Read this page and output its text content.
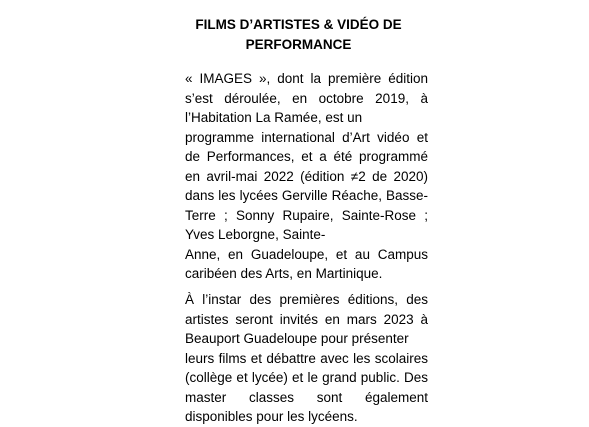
FILMS D’ARTISTES & VIDÉO DE
PERFORMANCE

« IMAGES », dont la première édition
s’est déroulée, en octobre 2019, à
l’Habitation La Ramée, est un
programme international d’Art vidéo et
de Performances, et a été programmé
en avril-mai 2022 (édition ≠2 de 2020)
dans les lycées Gerville Réache, Basse-
Terre ; Sonny Rupaire, Sainte-Rose ;
Yves Leborgne, Sainte-
Anne, en Guadeloupe, et au Campus
caribéen des Arts, en Martinique.

À l’instar des premières éditions, des
artistes seront invités en mars 2023 à
Beauport Guadeloupe pour présenter
leurs films et débattre avec les scolaires
(collège et lycée) et le grand public. Des
master classes sont également
disponibles pour les lycéens.
